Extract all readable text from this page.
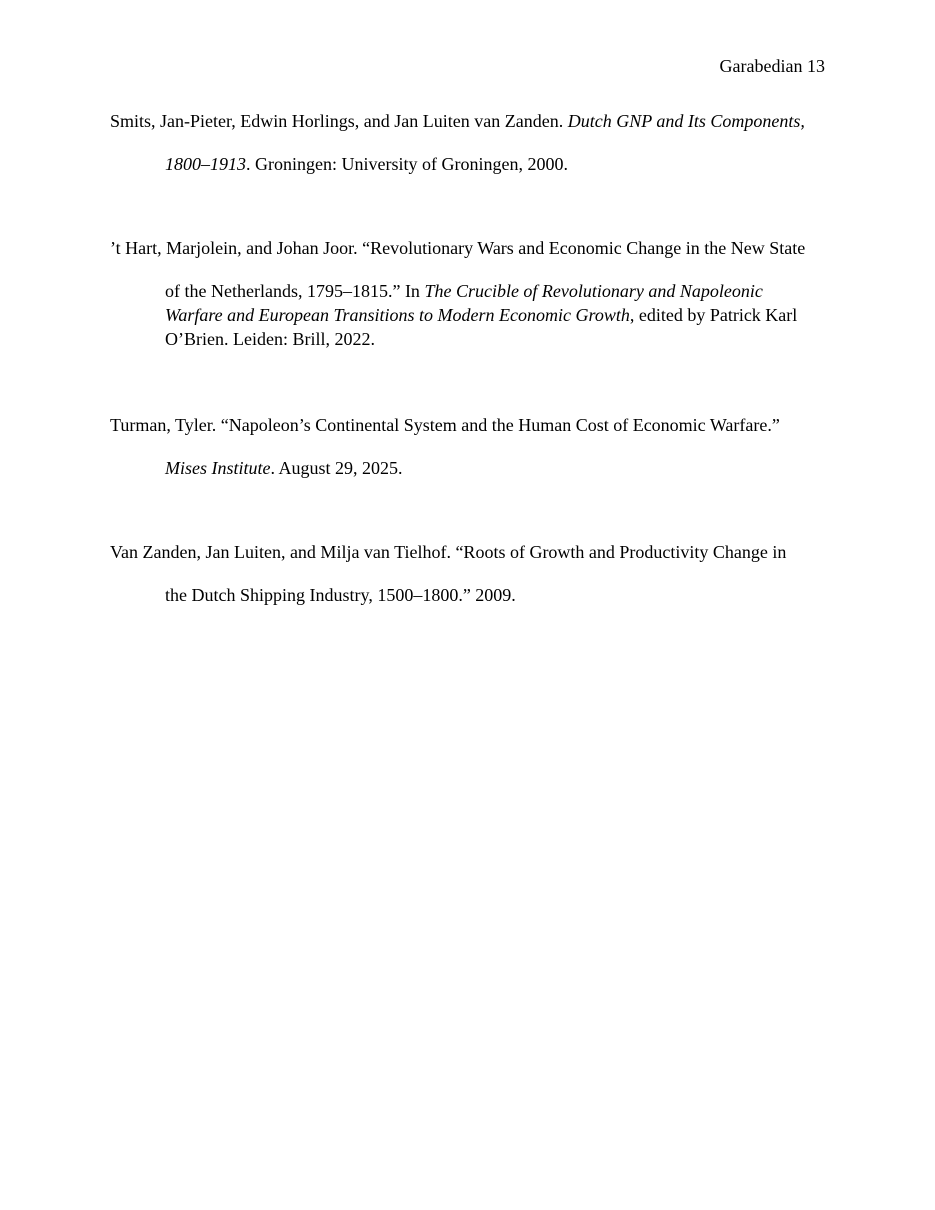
Garabedian 13
Smits, Jan-Pieter, Edwin Horlings, and Jan Luiten van Zanden. Dutch GNP and Its Components,
1800–1913. Groningen: University of Groningen, 2000.
’t Hart, Marjolein, and Johan Joor. “Revolutionary Wars and Economic Change in the New State
of the Netherlands, 1795–1815.” In The Crucible of Revolutionary and Napoleonic
Warfare and European Transitions to Modern Economic Growth, edited by Patrick Karl
O’Brien. Leiden: Brill, 2022.
Turman, Tyler. “Napoleon’s Continental System and the Human Cost of Economic Warfare.”
Mises Institute. August 29, 2025.
Van Zanden, Jan Luiten, and Milja van Tielhof. “Roots of Growth and Productivity Change in
the Dutch Shipping Industry, 1500–1800.” 2009.
